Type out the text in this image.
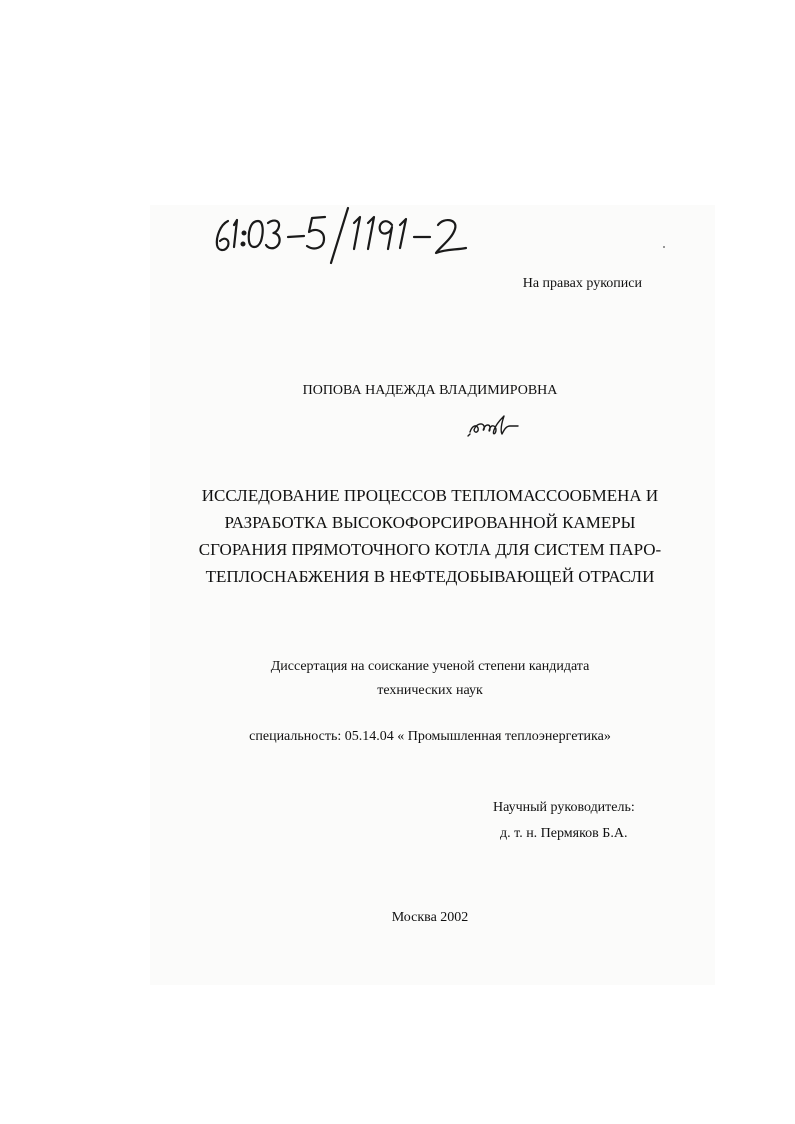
На правах рукописи
ПОПОВА НАДЕЖДА ВЛАДИМИРОВНА
ИССЛЕДОВАНИЕ ПРОЦЕССОВ ТЕПЛОМАССООБМЕНА И
РАЗРАБОТКА ВЫСОКОФОРСИРОВАННОЙ КАМЕРЫ
СГОРАНИЯ ПРЯМОТОЧНОГО КОТЛА ДЛЯ СИСТЕМ ПАРО-
ТЕПЛОСНАБЖЕНИЯ В НЕФТЕДОБЫВАЮЩЕЙ ОТРАСЛИ
Диссертация на соискание ученой степени кандидата
технических наук
специальность: 05.14.04 « Промышленная теплоэнергетика»
Научный руководитель:
д. т. н. Пермяков Б.А.
Москва 2002
